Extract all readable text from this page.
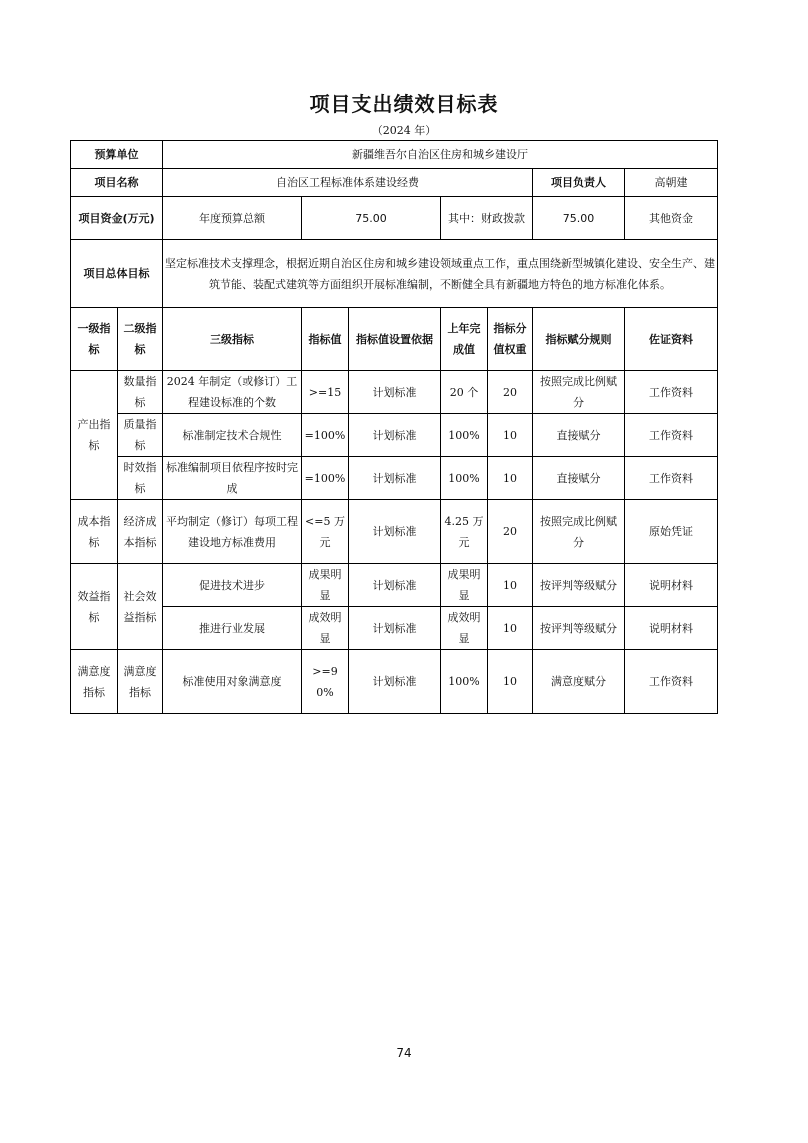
项目支出绩效目标表
（2024 年）
预算单位		新疆维吾尔自治区住房和城乡建设厅						
项目名称		自治区工程标准体系建设经费					项目负责人	高朝建
项目资金(万元)		年度预算总额	75.00		其中：财政拨款		75.00	其他资金
项目总体目标		坚定标准技术支撑理念，根据近期自治区住房和城乡建设领域重点工作，重点围绕新型城镇化建设、安全生产、建筑节能、装配式建筑等方面组织开展标准编制，不断健全具有新疆地方特色的地方标准化体系。						
一级指标	二级指标	三级指标	指标值	指标值设置依据	上年完成值	指标分值权重	指标赋分规则	佐证资料
产出指标	数量指标	2024 年制定（或修订）工程建设标准的个数	>=15	计划标准	20 个	20	按照完成比例赋分	工作资料
	质量指标	标准制定技术合规性	=100%	计划标准	100%	10	直接赋分	工作资料
	时效指标	标准编制项目依程序按时完成	=100%	计划标准	100%	10	直接赋分	工作资料
成本指标	经济成本指标	平均制定（修订）每项工程建设地方标准费用	<=5 万元	计划标准	4.25 万元	20	按照完成比例赋分	原始凭证
效益指标	社会效益指标	促进技术进步	成果明显	计划标准	成果明显	10	按评判等级赋分	说明材料
		推进行业发展	成效明显	计划标准	成效明显	10	按评判等级赋分	说明材料
满意度指标	满意度指标	标准使用对象满意度	>=90%	计划标准	100%	10	满意度赋分	工作资料
74
